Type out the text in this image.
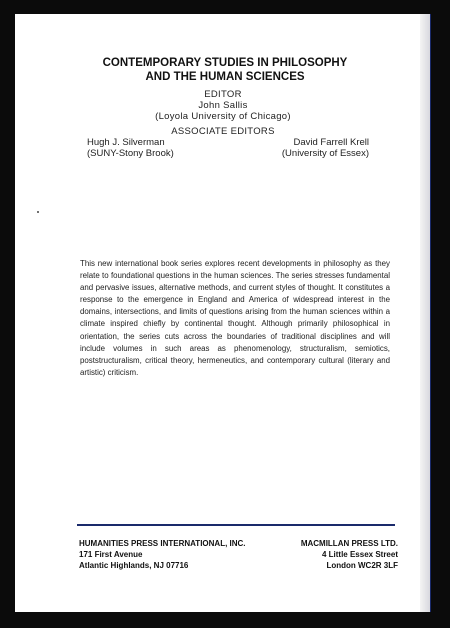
CONTEMPORARY STUDIES IN PHILOSOPHY
AND THE HUMAN SCIENCES
EDITOR
John Sallis
(Loyola University of Chicago)
ASSOCIATE EDITORS
Hugh J. Silverman
(SUNY-Stony Brook)
David Farrell Krell
(University of Essex)
This new international book series explores recent developments in philosophy as they relate to foundational questions in the human sciences. The series stresses fundamental and pervasive issues, alternative methods, and current styles of thought. It constitutes a response to the emergence in England and America of widespread interest in the domains, intersections, and limits of questions arising from the human sciences within a climate inspired chiefly by continental thought. Although primarily philosophical in orientation, the series cuts across the boundaries of traditional disciplines and will include volumes in such areas as phenomenology, structuralism, semiotics, poststructuralism, critical theory, hermeneutics, and contemporary cultural (literary and artistic) criticism.
HUMANITIES PRESS INTERNATIONAL, INC.
171 First Avenue
Atlantic Highlands, NJ 07716
MACMILLAN PRESS LTD.
4 Little Essex Street
London WC2R 3LF
